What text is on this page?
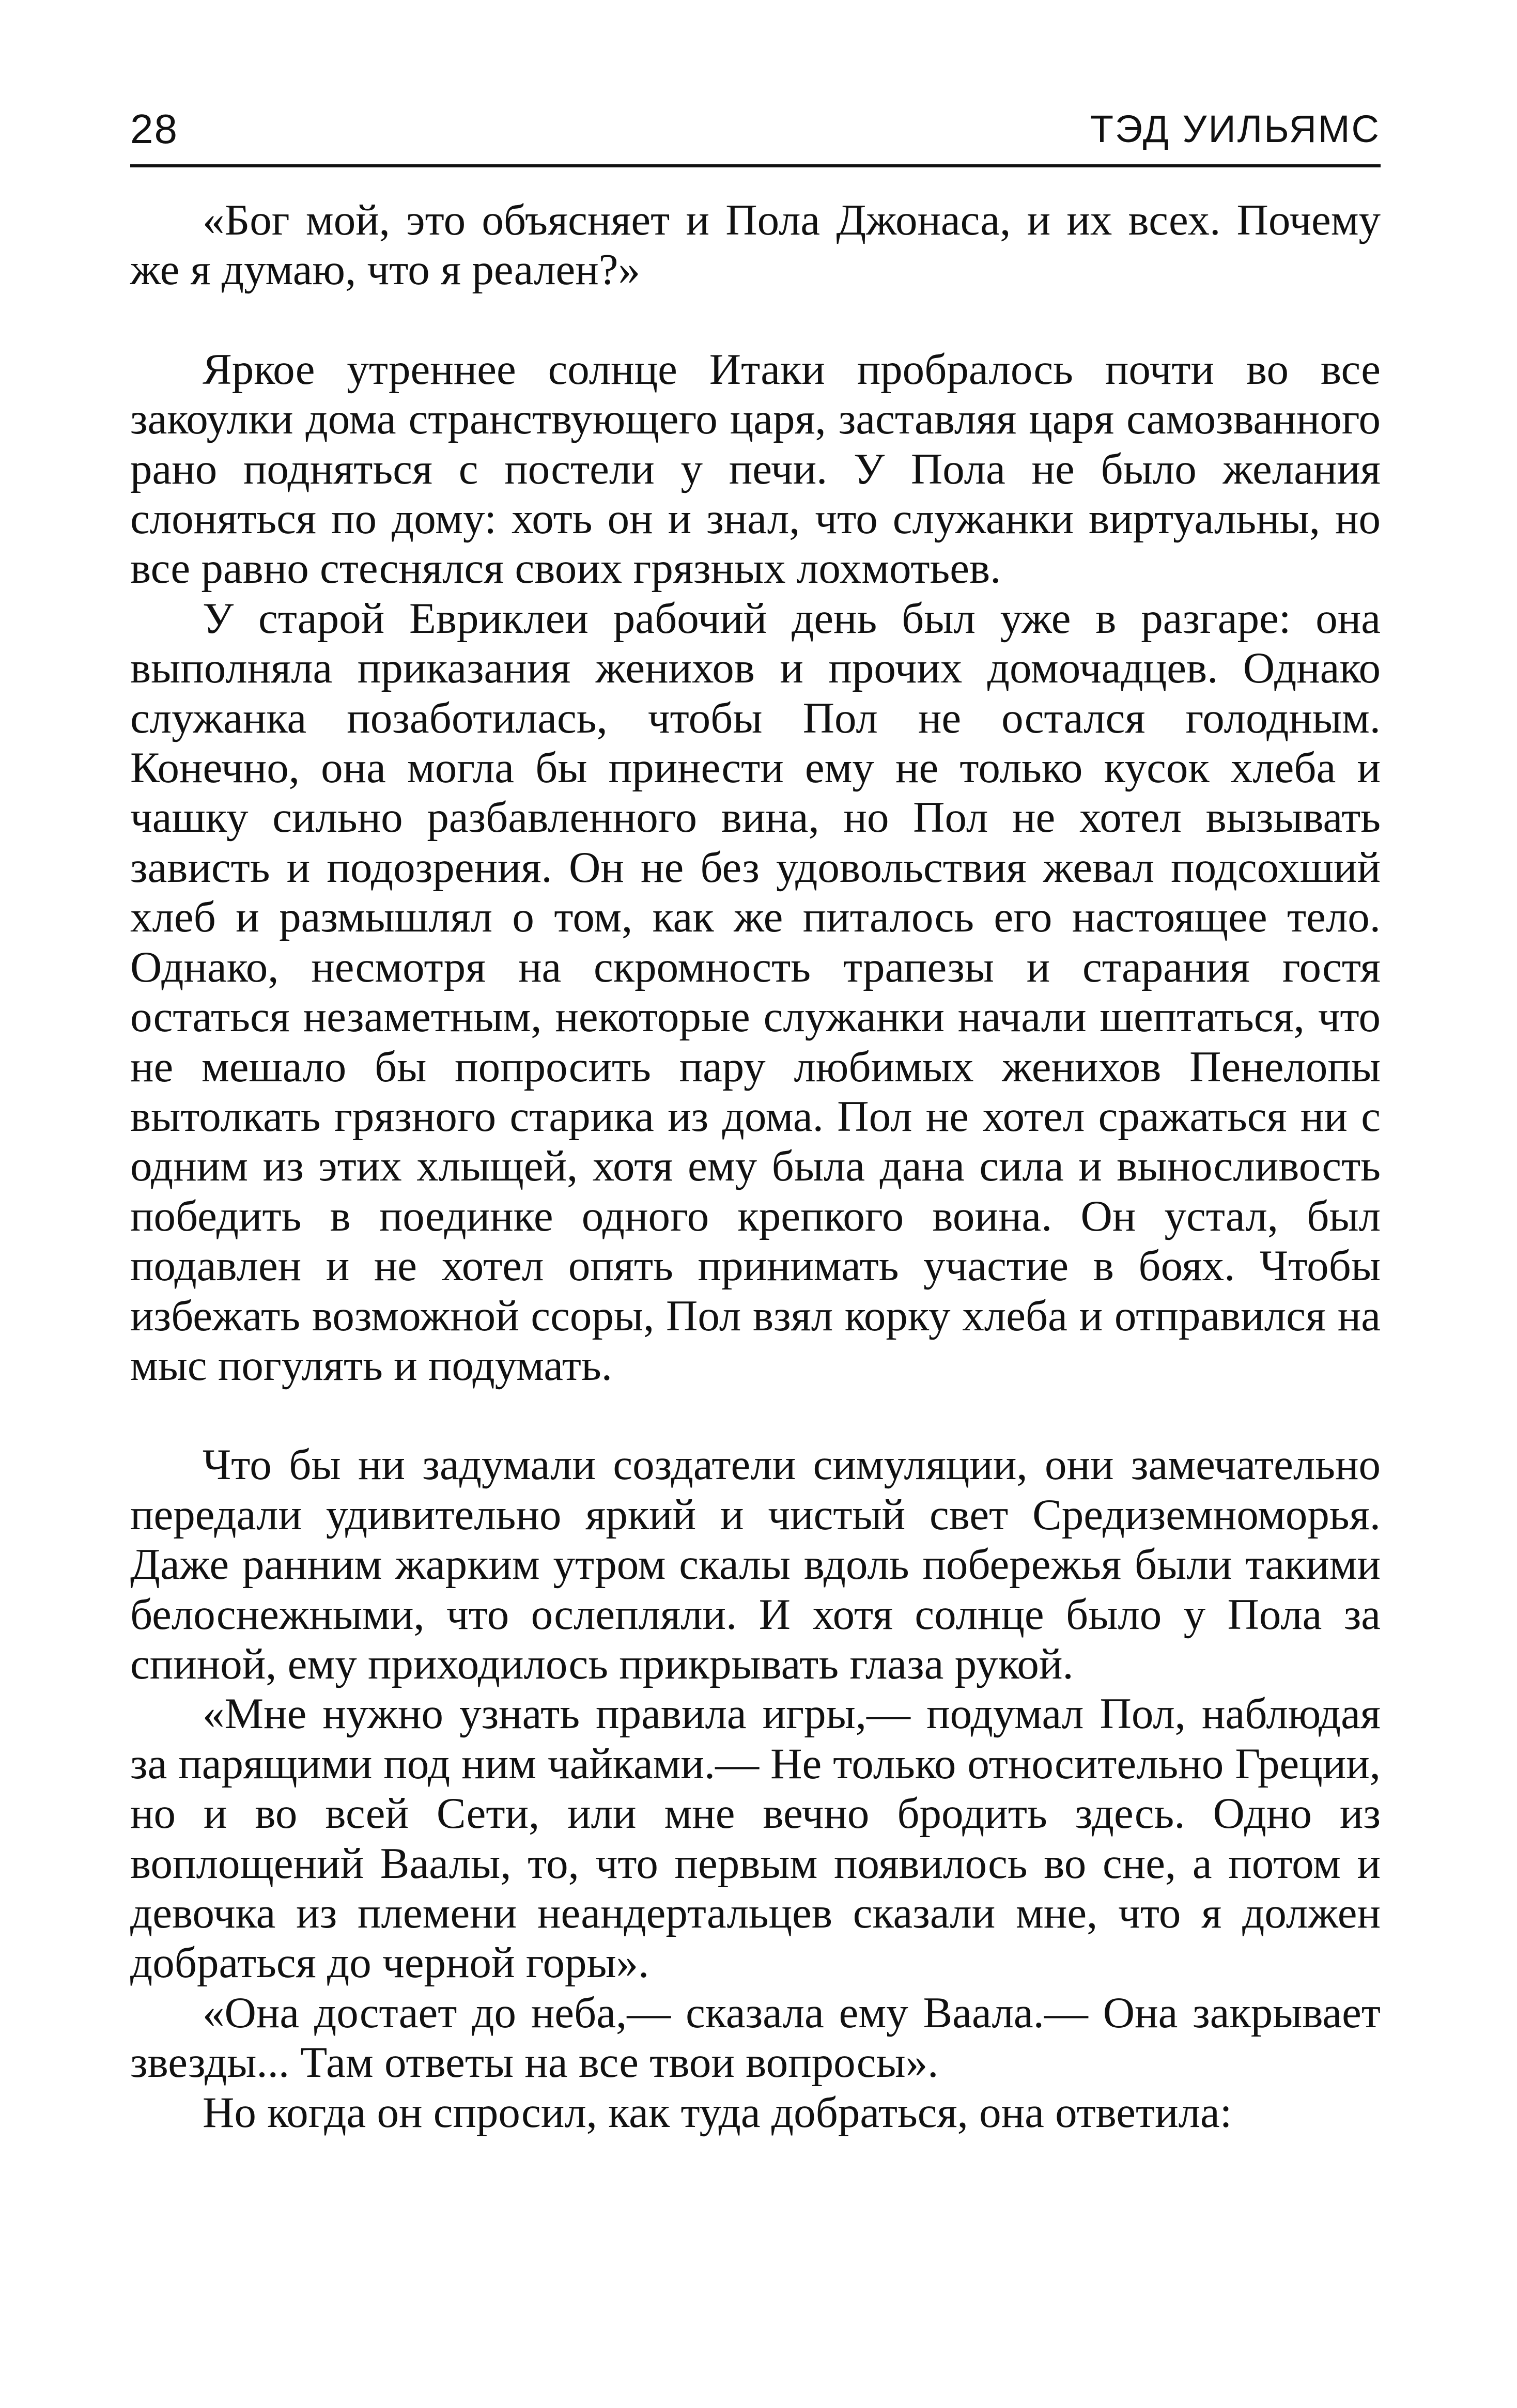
28	ТЭД УИЛЬЯМС

«Бог мой, это объясняет и Пола Джонаса, и их всех. Почему же я думаю, что я реален?»

Яркое утреннее солнце Итаки пробралось почти во все закоулки дома странствующего царя, заставляя царя самозванного рано подняться с постели у печи. У Пола не было желания слоняться по дому: хоть он и знал, что служанки виртуальны, но все равно стеснялся своих грязных лохмотьев.

У старой Евриклеи рабочий день был уже в разгаре: она выполняла приказания женихов и прочих домочадцев. Однако служанка позаботилась, чтобы Пол не остался голодным. Конечно, она могла бы принести ему не только кусок хлеба и чашку сильно разбавленного вина, но Пол не хотел вызывать зависть и подозрения. Он не без удовольствия жевал подсохший хлеб и размышлял о том, как же питалось его настоящее тело. Однако, несмотря на скромность трапезы и старания гостя остаться незаметным, некоторые служанки начали шептаться, что не мешало бы попросить пару любимых женихов Пенелопы вытолкать грязного старика из дома. Пол не хотел сражаться ни с одним из этих хлыщей, хотя ему была дана сила и выносливость победить в поединке одного крепкого воина. Он устал, был подавлен и не хотел опять принимать участие в боях. Чтобы избежать возможной ссоры, Пол взял корку хлеба и отправился на мыс погулять и подумать.

Что бы ни задумали создатели симуляции, они замечательно передали удивительно яркий и чистый свет Средиземноморья. Даже ранним жарким утром скалы вдоль побережья были такими белоснежными, что ослепляли. И хотя солнце было у Пола за спиной, ему приходилось прикрывать глаза рукой.

«Мне нужно узнать правила игры,— подумал Пол, наблюдая за парящими под ним чайками.— Не только относительно Греции, но и во всей Сети, или мне вечно бродить здесь. Одно из воплощений Ваалы, то, что первым появилось во сне, а потом и девочка из племени неандертальцев сказали мне, что я должен добраться до черной горы».

«Она достает до неба,— сказала ему Ваала.— Она закрывает звезды... Там ответы на все твои вопросы».

Но когда он спросил, как туда добраться, она ответила:
